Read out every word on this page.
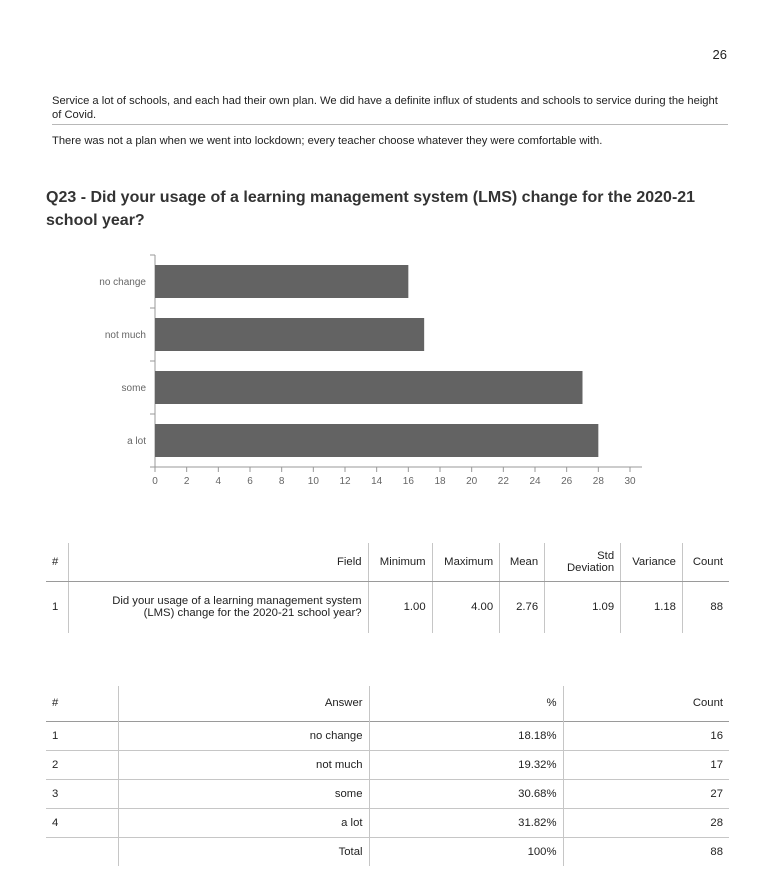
26
Service a lot of schools, and each had their own plan. We did have a definite influx of students and schools to service during the height of Covid.
There was not a plan when we went into lockdown; every teacher choose whatever they were comfortable with.
Q23 - Did your usage of a learning management system (LMS) change for the 2020-21 school year?
no change
not much
some
a lot
0	2	4	6	8 10 12 14 16 18 20 22 24 26 28 30
#	Field	Minimum	Maximum	Mean	Std Deviation	Variance	Count
1	Did your usage of a learning management system (LMS) change for the 2020-21 school year?	1.00	4.00	2.76	1.09	1.18	88
#	Answer	%	Count
1	no change	18.18%	16
2	not much	19.32%	17
3	some	30.68%	27
4	a lot	31.82%	28
	Total	100%	88
